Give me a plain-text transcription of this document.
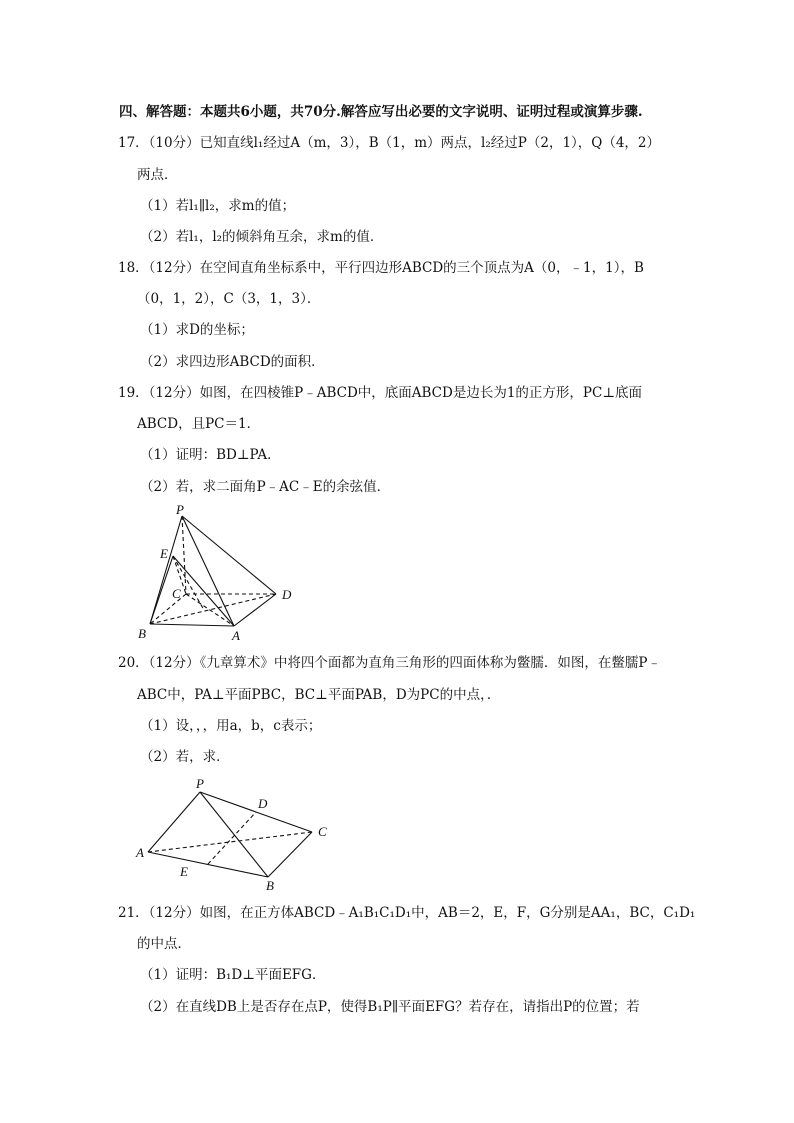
四、解答题：本题共6小题，共70分.解答应写出必要的文字说明、证明过程或演算步骤.
17．（10分）已知直线l₁经过A（m，3），B（1，m）两点，l₂经过P（2，1），Q（4，2）
两点．
（1）若l₁∥l₂，求m的值；
（2）若l₁，l₂的倾斜角互余，求m的值．
18．（12分）在空间直角坐标系中，平行四边形ABCD的三个顶点为A（0，﹣1，1），B
（0，1，2），C（3，1，3）．
（1）求D的坐标；
（2）求四边形ABCD的面积．
19．（12分）如图，在四棱锥P﹣ABCD中，底面ABCD是边长为1的正方形，PC⊥底面
ABCD，且PC＝1．
（1）证明：BD⊥PA．
（2）若，求二面角P﹣AC﹣E的余弦值．
P
E
C	D
B	A
20．（12分）《九章算术》中将四个面都为直角三角形的四面体称为鳖臑．如图，在鳖臑P﹣
ABC中，PA⊥平面PBC，BC⊥平面PAB，D为PC的中点，．
（1）设，，，用a，b，c表示；
（2）若，求．
P
D
C
A
E
B
21．（12分）如图，在正方体ABCD﹣A₁B₁C₁D₁中，AB＝2，E，F，G分别是AA₁，BC，C₁D₁
的中点．
（1）证明：B₁D⊥平面EFG．
（2）在直线DB上是否存在点P，使得B₁P∥平面EFG？若存在，请指出P的位置；若
